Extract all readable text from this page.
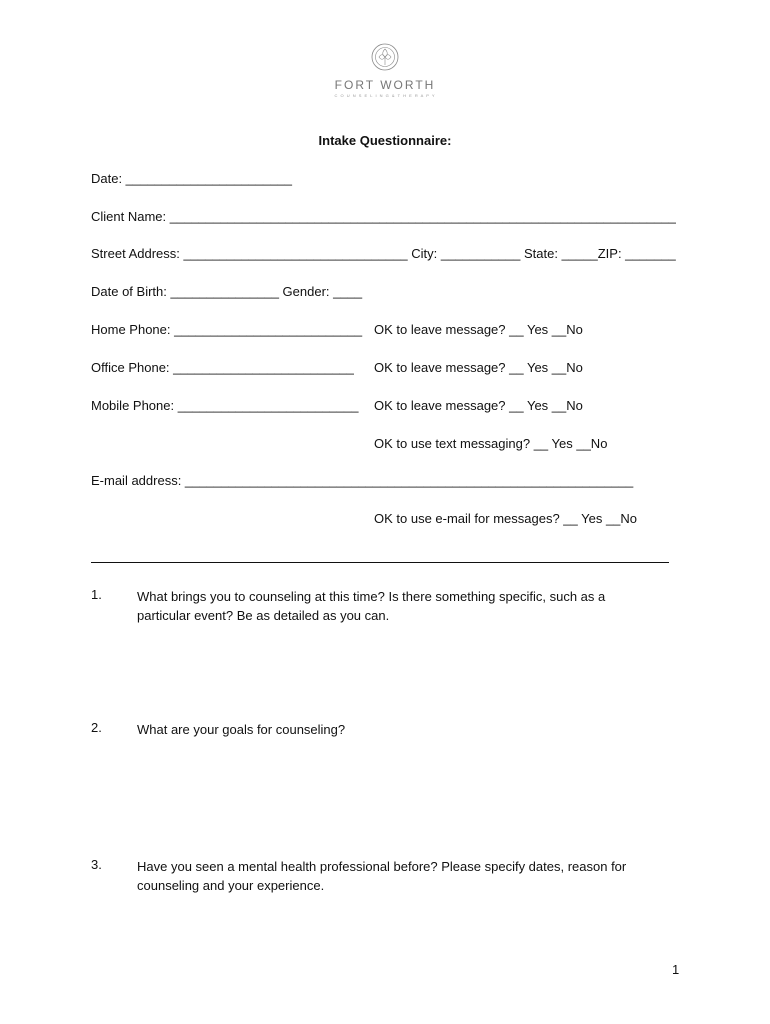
FORT WORTH
C O U N S E L I N G & T H E R A P Y
Intake Questionnaire:
Date: _______________________
Client Name: ______________________________________________________________________
Street Address: _______________________________ City: ___________ State: _____ZIP: _______
Date of Birth: _______________ Gender: ____
Home Phone: __________________________ OK to leave message? __ Yes __No
Office Phone: _________________________ OK to leave message? __ Yes __No
Mobile Phone: _________________________ OK to leave message? __ Yes __No
OK to use text messaging? __ Yes __No
E-mail address: ______________________________________________________________
OK to use e-mail for messages? __ Yes __No
1.	What brings you to counseling at this time? Is there something specific, such as a particular event? Be as detailed as you can.
2.	What are your goals for counseling?
3.	Have you seen a mental health professional before? Please specify dates, reason for counseling and your experience.
1
